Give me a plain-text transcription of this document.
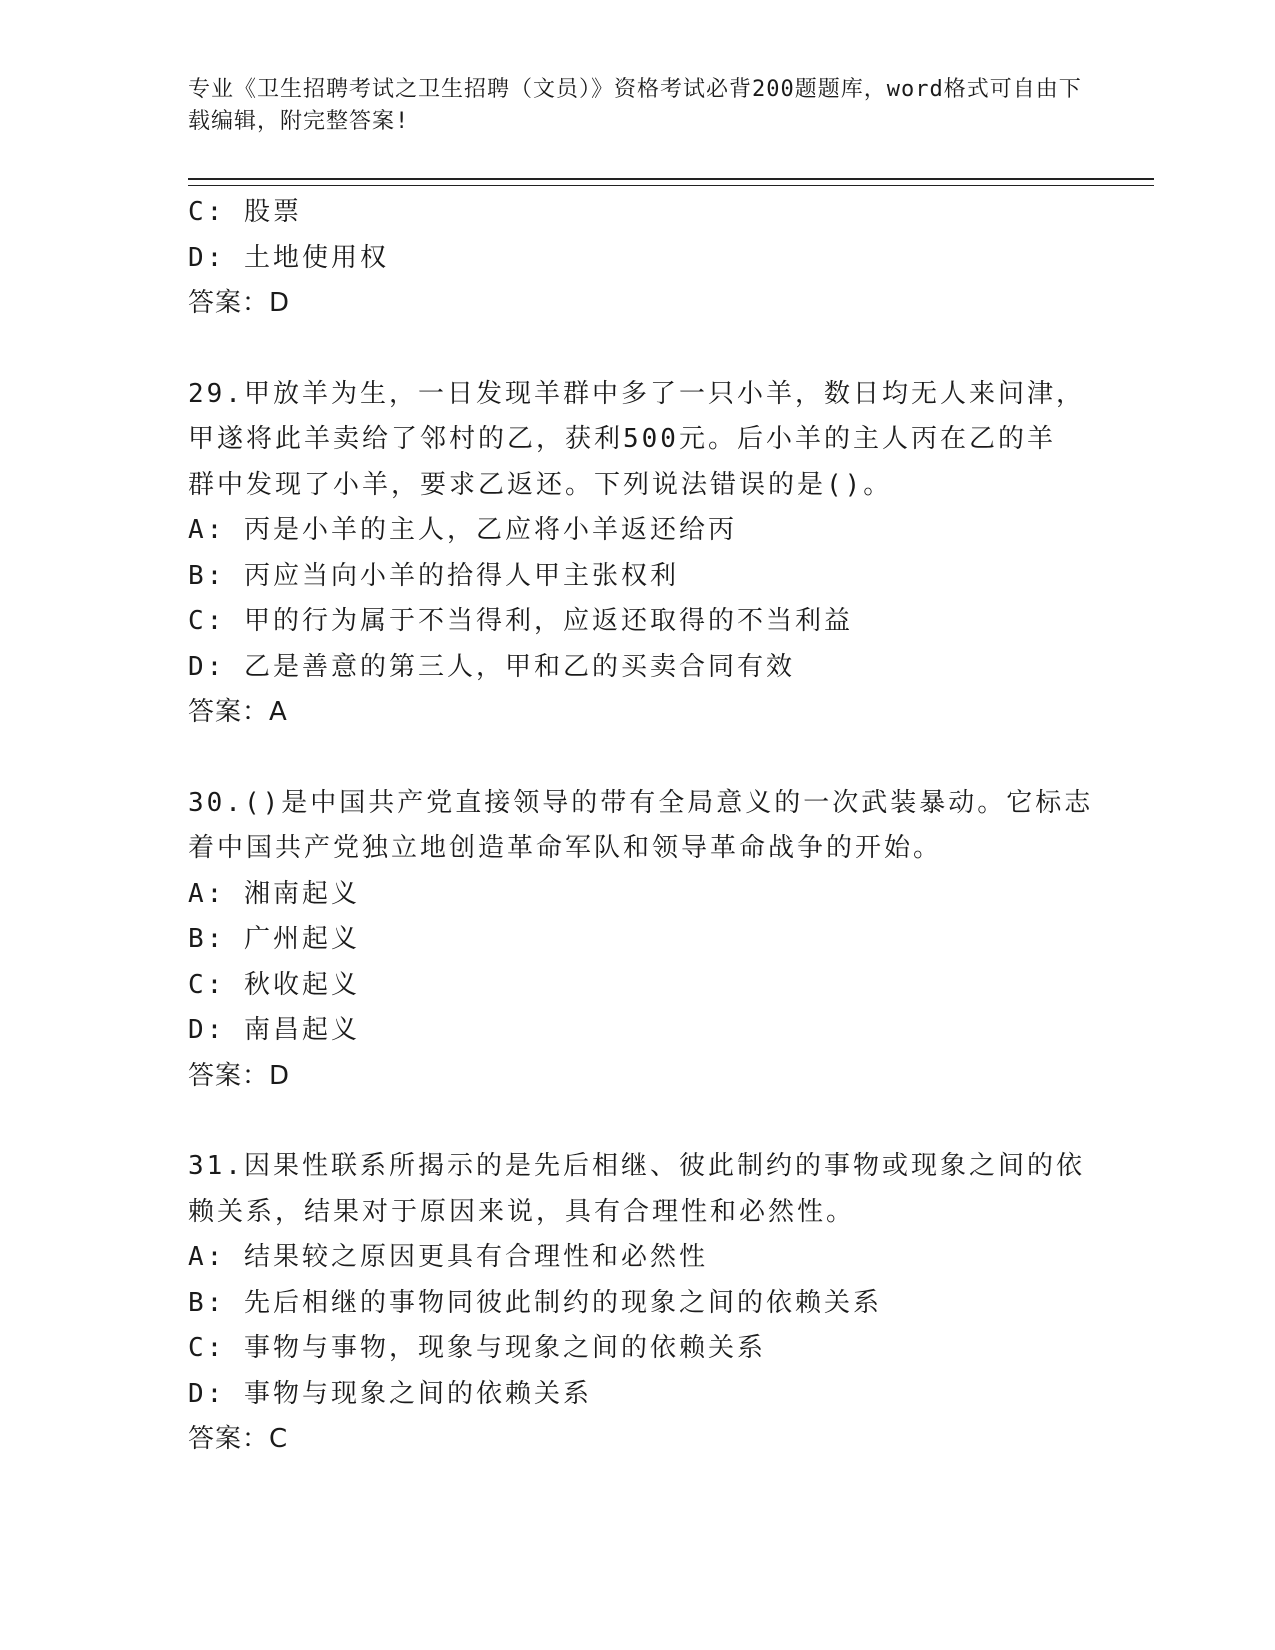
专业《卫生招聘考试之卫生招聘（文员）》资格考试必背200题题库，word格式可自由下载编辑，附完整答案!
C: 股票
D: 土地使用权
答案：D
29.甲放羊为生，一日发现羊群中多了一只小羊，数日均无人来问津，
甲遂将此羊卖给了邻村的乙，获利500元。后小羊的主人丙在乙的羊
群中发现了小羊，要求乙返还。下列说法错误的是()。
A: 丙是小羊的主人，乙应将小羊返还给丙
B: 丙应当向小羊的拾得人甲主张权利
C: 甲的行为属于不当得利，应返还取得的不当利益
D: 乙是善意的第三人，甲和乙的买卖合同有效
答案：A
30.()是中国共产党直接领导的带有全局意义的一次武装暴动。它标志
着中国共产党独立地创造革命军队和领导革命战争的开始。
A: 湘南起义
B: 广州起义
C: 秋收起义
D: 南昌起义
答案：D
31.因果性联系所揭示的是先后相继、彼此制约的事物或现象之间的依
赖关系，结果对于原因来说，具有合理性和必然性。
A: 结果较之原因更具有合理性和必然性
B: 先后相继的事物同彼此制约的现象之间的依赖关系
C: 事物与事物，现象与现象之间的依赖关系
D: 事物与现象之间的依赖关系
答案：C
